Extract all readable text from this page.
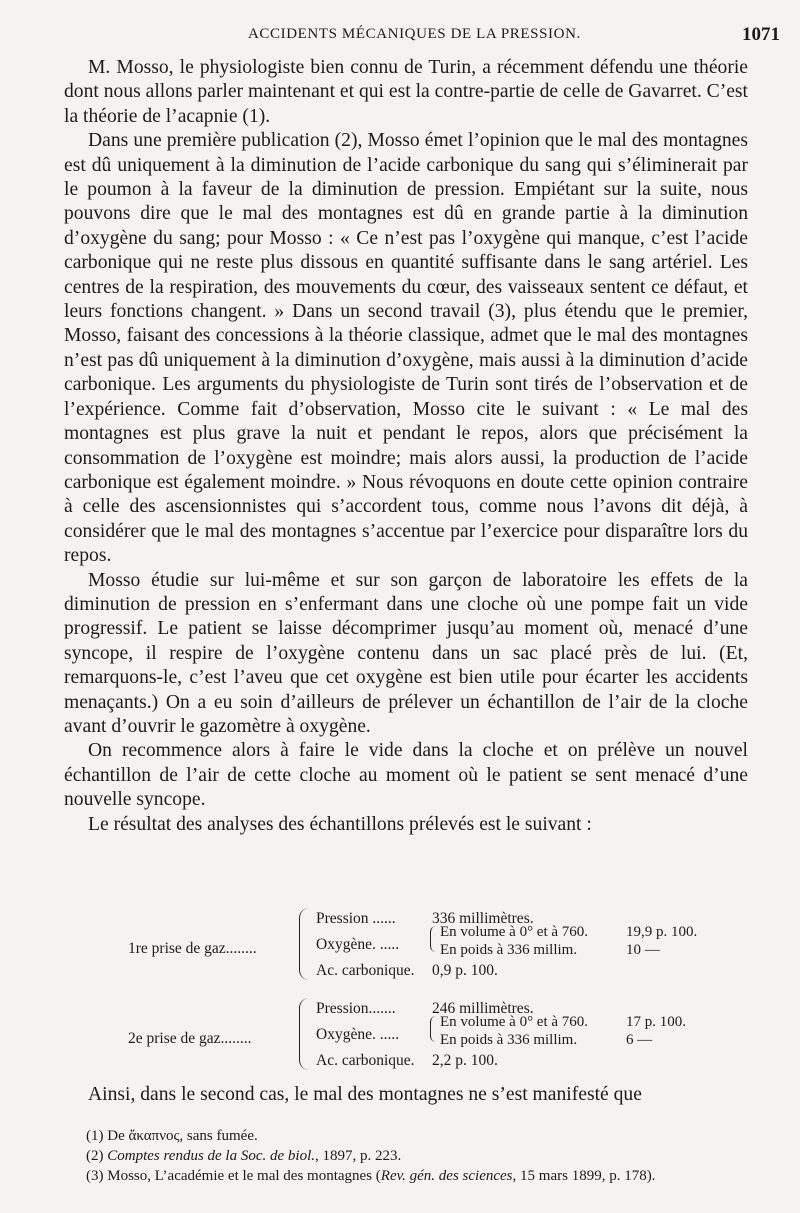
ACCIDENTS MÉCANIQUES DE LA PRESSION.	1071

M. Mosso, le physiologiste bien connu de Turin, a récemment défendu une théorie dont nous allons parler maintenant et qui est la contre-partie de celle de Gavarret. C’est la théorie de l’acapnie (1).

Dans une première publication (2), Mosso émet l’opinion que le mal des montagnes est dû uniquement à la diminution de l’acide carbonique du sang qui s’éliminerait par le poumon à la faveur de la diminution de pression. Empiétant sur la suite, nous pouvons dire que le mal des montagnes est dû en grande partie à la diminution d’oxygène du sang; pour Mosso : « Ce n’est pas l’oxygène qui manque, c’est l’acide carbonique qui ne reste plus dissous en quantité suffisante dans le sang artériel. Les centres de la respiration, des mouvements du cœur, des vaisseaux sentent ce défaut, et leurs fonctions changent. » Dans un second travail (3), plus étendu que le premier, Mosso, faisant des concessions à la théorie classique, admet que le mal des montagnes n’est pas dû uniquement à la diminution d’oxygène, mais aussi à la diminution d’acide carbonique. Les arguments du physiologiste de Turin sont tirés de l’observation et de l’expérience. Comme fait d’observation, Mosso cite le suivant : « Le mal des montagnes est plus grave la nuit et pendant le repos, alors que précisément la consommation de l’oxygène est moindre; mais alors aussi, la production de l’acide carbonique est également moindre. » Nous révoquons en doute cette opinion contraire à celle des ascensionnistes qui s’accordent tous, comme nous l’avons dit déjà, à considérer que le mal des montagnes s’accentue par l’exercice pour disparaître lors du repos.

Mosso étudie sur lui-même et sur son garçon de laboratoire les effets de la diminution de pression en s’enfermant dans une cloche où une pompe fait un vide progressif. Le patient se laisse décomprimer jusqu’au moment où, menacé d’une syncope, il respire de l’oxygène contenu dans un sac placé près de lui. (Et, remarquons-le, c’est l’aveu que cet oxygène est bien utile pour écarter les accidents menaçants.) On a eu soin d’ailleurs de prélever un échantillon de l’air de la cloche avant d’ouvrir le gazomètre à oxygène.

On recommence alors à faire le vide dans la cloche et on prélève un nouvel échantillon de l’air de cette cloche au moment où le patient se sent menacé d’une nouvelle syncope.

Le résultat des analyses des échantillons prélevés est le suivant :

1re prise de gaz........
Pression ...... 336 millimètres.
Oxygène. .....
En volume à 0° et à 760.	19,9 p. 100.
En poids à 336 millim.	10 —
Ac. carbonique. 0,9 p. 100.
2e prise de gaz........
Pression....... 246 millimètres.
Oxygène. .....
En volume à 0° et à 760.	17 p. 100.
En poids à 336 millim.	6 —
Ac. carbonique. 2,2 p. 100.
Ainsi, dans le second cas, le mal des montagnes ne s’est manifesté que
(1) De ἄκαπνος, sans fumée.
(2) Comptes rendus de la Soc. de biol., 1897, p. 223.
(3) Mosso, L’académie et le mal des montagnes (Rev. gén. des sciences, 15 mars 1899, p. 178).
